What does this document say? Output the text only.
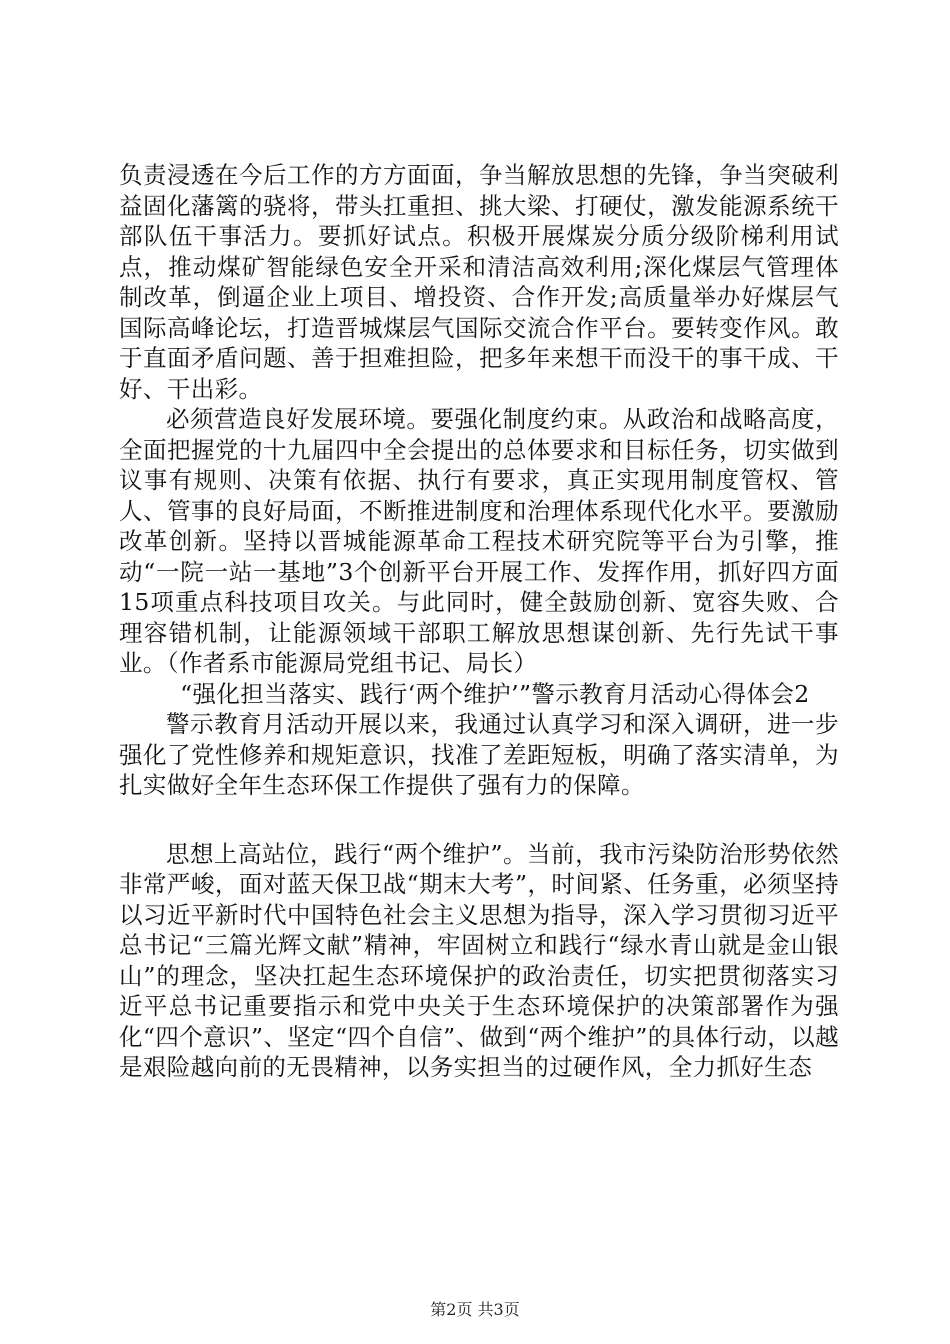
负责浸透在今后工作的方方面面，争当解放思想的先锋，争当突破利益固化藩篱的骁将，带头扛重担、挑大梁、打硬仗，激发能源系统干部队伍干事活力。要抓好试点。积极开展煤炭分质分级阶梯利用试点，推动煤矿智能绿色安全开采和清洁高效利用;深化煤层气管理体制改革，倒逼企业上项目、增投资、合作开发;高质量举办好煤层气国际高峰论坛，打造晋城煤层气国际交流合作平台。要转变作风。敢于直面矛盾问题、善于担难担险，把多年来想干而没干的事干成、干好、干出彩。

必须营造良好发展环境。要强化制度约束。从政治和战略高度，全面把握党的十九届四中全会提出的总体要求和目标任务，切实做到议事有规则、决策有依据、执行有要求，真正实现用制度管权、管人、管事的良好局面，不断推进制度和治理体系现代化水平。要激励改革创新。坚持以晋城能源革命工程技术研究院等平台为引擎，推动“一院一站一基地”3个创新平台开展工作、发挥作用，抓好四方面15项重点科技项目攻关。与此同时，健全鼓励创新、宽容失败、合理容错机制，让能源领域干部职工解放思想谋创新、先行先试干事业。（作者系市能源局党组书记、局长）

“强化担当落实、践行‘两个维护’”警示教育月活动心得体会2

警示教育月活动开展以来，我通过认真学习和深入调研，进一步强化了党性修养和规矩意识，找准了差距短板，明确了落实清单，为扎实做好全年生态环保工作提供了强有力的保障。

思想上高站位，践行“两个维护”。当前，我市污染防治形势依然非常严峻，面对蓝天保卫战“期末大考”，时间紧、任务重，必须坚持以习近平新时代中国特色社会主义思想为指导，深入学习贯彻习近平总书记“三篇光辉文献”精神，牢固树立和践行“绿水青山就是金山银山”的理念，坚决扛起生态环境保护的政治责任，切实把贯彻落实习近平总书记重要指示和党中央关于生态环境保护的决策部署作为强化“四个意识”、坚定“四个自信”、做到“两个维护”的具体行动，以越是艰险越向前的无畏精神，以务实担当的过硬作风，全力抓好生态

第2页 共3页
